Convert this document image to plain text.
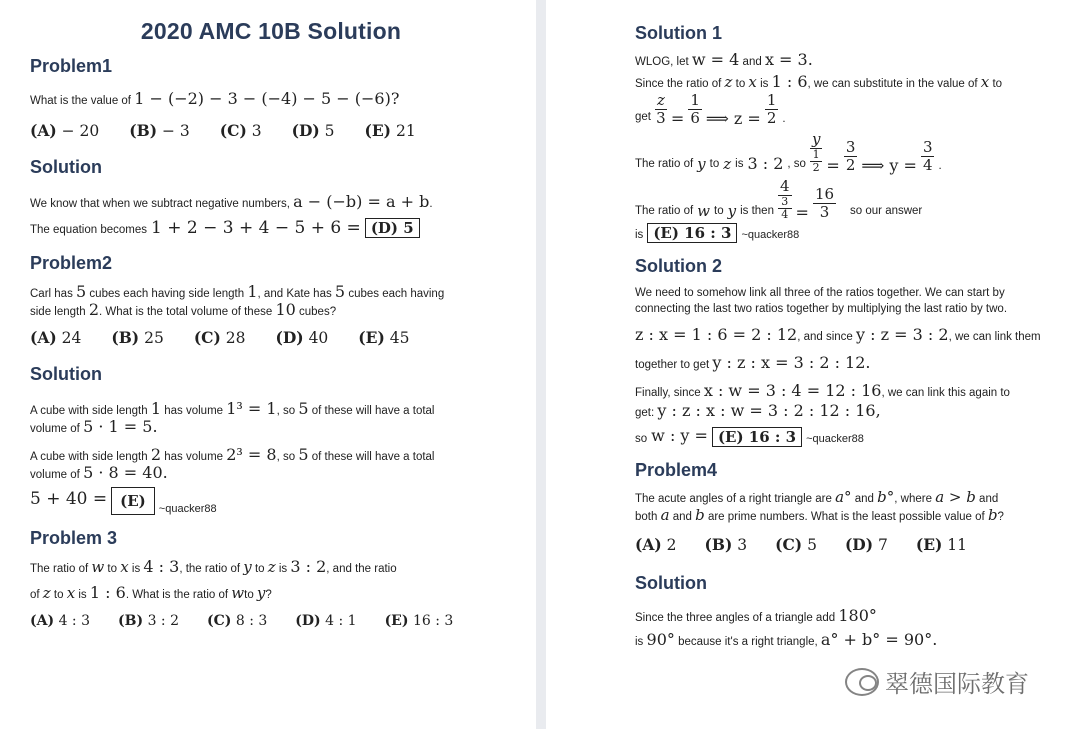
2020 AMC 10B Solution
Problem1
What is the value of 1 − (−2) − 3 − (−4) − 5 − (−6)?
(A) − 20 (B) − 3 (C) 3 (D) 5 (E) 21
Solution
We know that when we subtract negative numbers, a − (−b) = a + b.
The equation becomes 1 + 2 − 3 + 4 − 5 + 6 = (D) 5
Problem2
Carl has 5 cubes each having side length 1, and Kate has 5 cubes each having
side length 2. What is the total volume of these 10 cubes?
(A) 24 (B) 25 (C) 28 (D) 40 (E) 45
Solution
A cube with side length 1 has volume 1³ = 1, so 5 of these will have a total
volume of 5 · 1 = 5.
A cube with side length 2 has volume 2³ = 8, so 5 of these will have a total
volume of 5 · 8 = 40.
5 + 40 = (E)	~quacker88
Problem 3
The ratio of w to x is 4 : 3, the ratio of y to z is 3 : 2, and the ratio
of z to x is 1 : 6. What is the ratio of wto y?
(A) 4 : 3 (B) 3 : 2 (C) 8 : 3 (D) 4 : 1 (E) 16 : 3
Solution 1
WLOG, let w = 4 and x = 3.
Since the ratio of z to x is 1 : 6, we can substitute in the value of x to
get $\frac{z}{3} = \frac{1}{6}$ ⟹ $z = \frac{1}{2}$ .
The ratio of y to z is 3 : 2 , so $\frac{y}{\frac{1}{2}} = \frac{3}{2}$ ⟹ $y = \frac{3}{4}$ .
The ratio of w to y is then $\frac{4}{\frac{3}{4}} = \frac{16}{3}$ so our answer
is (E) 16 : 3 ~quacker88
Solution 2
We need to somehow link all three of the ratios together. We can start by connecting the last two ratios together by multiplying the last ratio by two.
z : x = 1 : 6 = 2 : 12, and since y : z = 3 : 2, we can link them
together to get y : z : x = 3 : 2 : 12.
Finally, since x : w = 3 : 4 = 12 : 16, we can link this again to
get: y : z : x : w = 3 : 2 : 12 : 16,
so w : y = (E) 16 : 3 ~quacker88
Problem4
The acute angles of a right triangle are a° and b°, where a > b and
both a and b are prime numbers. What is the least possible value of b?
(A) 2 (B) 3 (C) 5 (D) 7 (E) 11
Solution
Since the three angles of a triangle add 180°
is 90° because it's a right triangle, a° + b° = 90°.
翠德国际教育
